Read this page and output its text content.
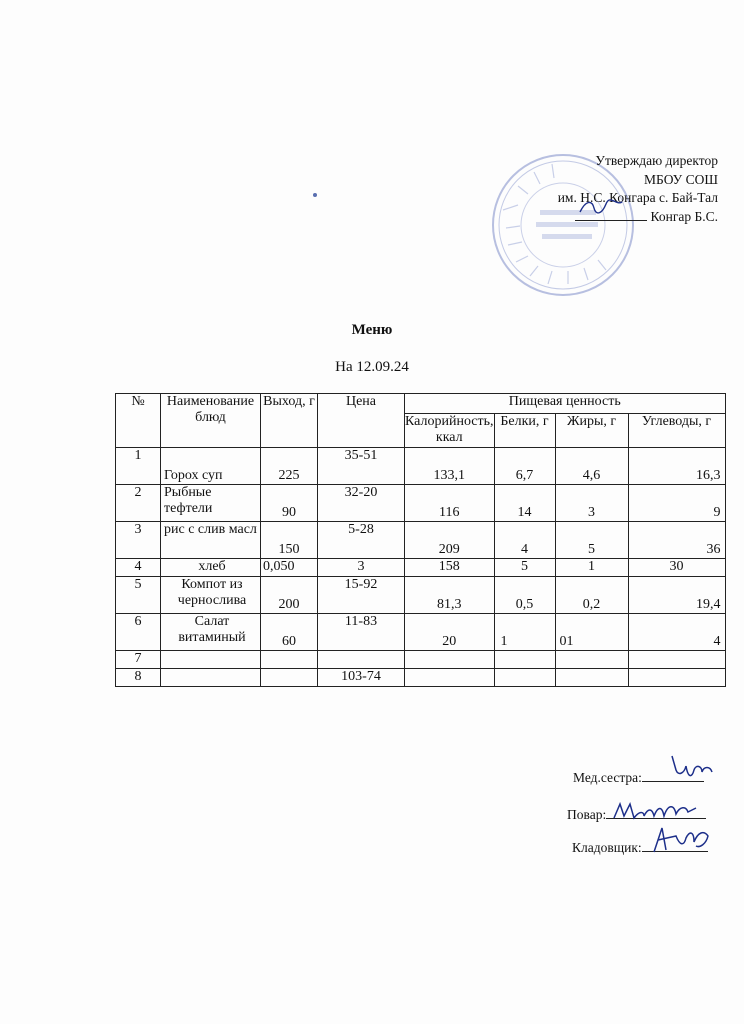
Утверждаю директор
МБОУ СОШ
им. Н.С. Конгара с. Бай-Тал
Конгар Б.С.
Меню
На 12.09.24
№	Наименование блюд	Выход, г	Цена	Пищевая ценность			
				Калорийность, ккал	Белки, г	Жиры, г	Углеводы, г
1	Горох суп	225	35-51	133,1	6,7	4,6	16,3
2	Рыбные тефтели	90	32-20	116	14	3	9
3	рис с слив масл	150	5-28	209	4	5	36
4	хлеб	0,050	3	158	5	1	30
5	Компот из чернослива	200	15-92	81,3	0,5	0,2	19,4
6	Салат витаминый	60	11-83	20	1	01	4
7							
8			103-74				
Мед.сестра:
Повар:
Кладовщик:
